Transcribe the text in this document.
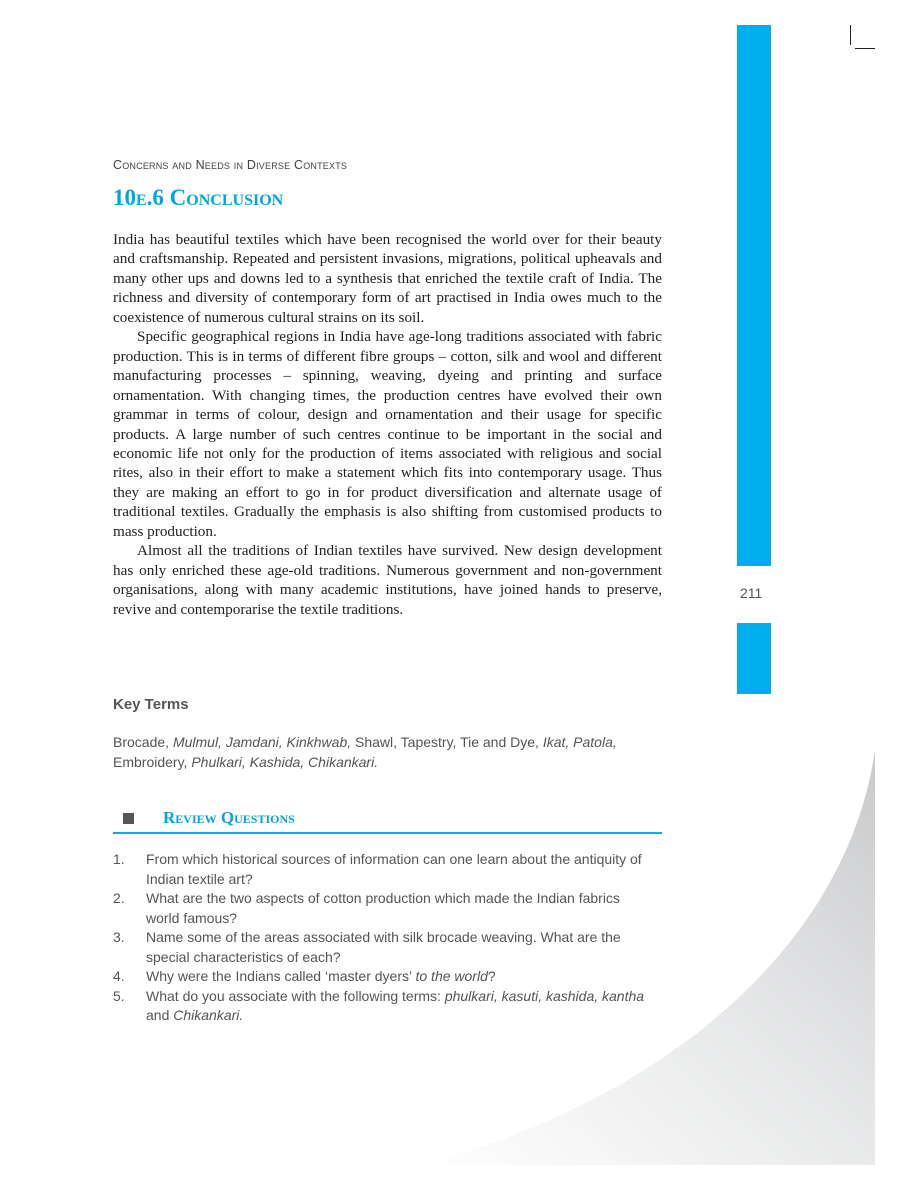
211
Concerns and Needs in Diverse Contexts
10e.6 Conclusion

India has beautiful textiles which have been recognised the world over for their beauty and craftsmanship. Repeated and persistent invasions, migrations, political upheavals and many other ups and downs led to a synthesis that enriched the textile craft of India. The richness and diversity of contemporary form of art practised in India owes much to the coexistence of numerous cultural strains on its soil.

Specific geographical regions in India have age-long traditions associated with fabric production. This is in terms of different fibre groups – cotton, silk and wool and different manufacturing processes – spinning, weaving, dyeing and printing and surface ornamentation. With changing times, the production centres have evolved their own grammar in terms of colour, design and ornamentation and their usage for specific products. A large number of such centres continue to be important in the social and economic life not only for the production of items associated with religious and social rites, also in their effort to make a statement which fits into contemporary usage. Thus they are making an effort to go in for product diversification and alternate usage of traditional textiles. Gradually the emphasis is also shifting from customised products to mass production.

Almost all the traditions of Indian textiles have survived. New design development has only enriched these age-old traditions. Numerous government and non-government organisations, along with many academic institutions, have joined hands to preserve, revive and contemporarise the textile traditions.

Key Terms
Brocade, Mulmul, Jamdani, Kinkhwab, Shawl, Tapestry, Tie and Dye, Ikat, Patola, Embroidery, Phulkari, Kashida, Chikankari.
Review Questions
1. From which historical sources of information can one learn about the antiquity of Indian textile art?
2. What are the two aspects of cotton production which made the Indian fabrics world famous?
3. Name some of the areas associated with silk brocade weaving. What are the special characteristics of each?
4. Why were the Indians called ‘master dyers’ to the world?
5. What do you associate with the following terms: phulkari, kasuti, kashida, kantha and Chikankari.
